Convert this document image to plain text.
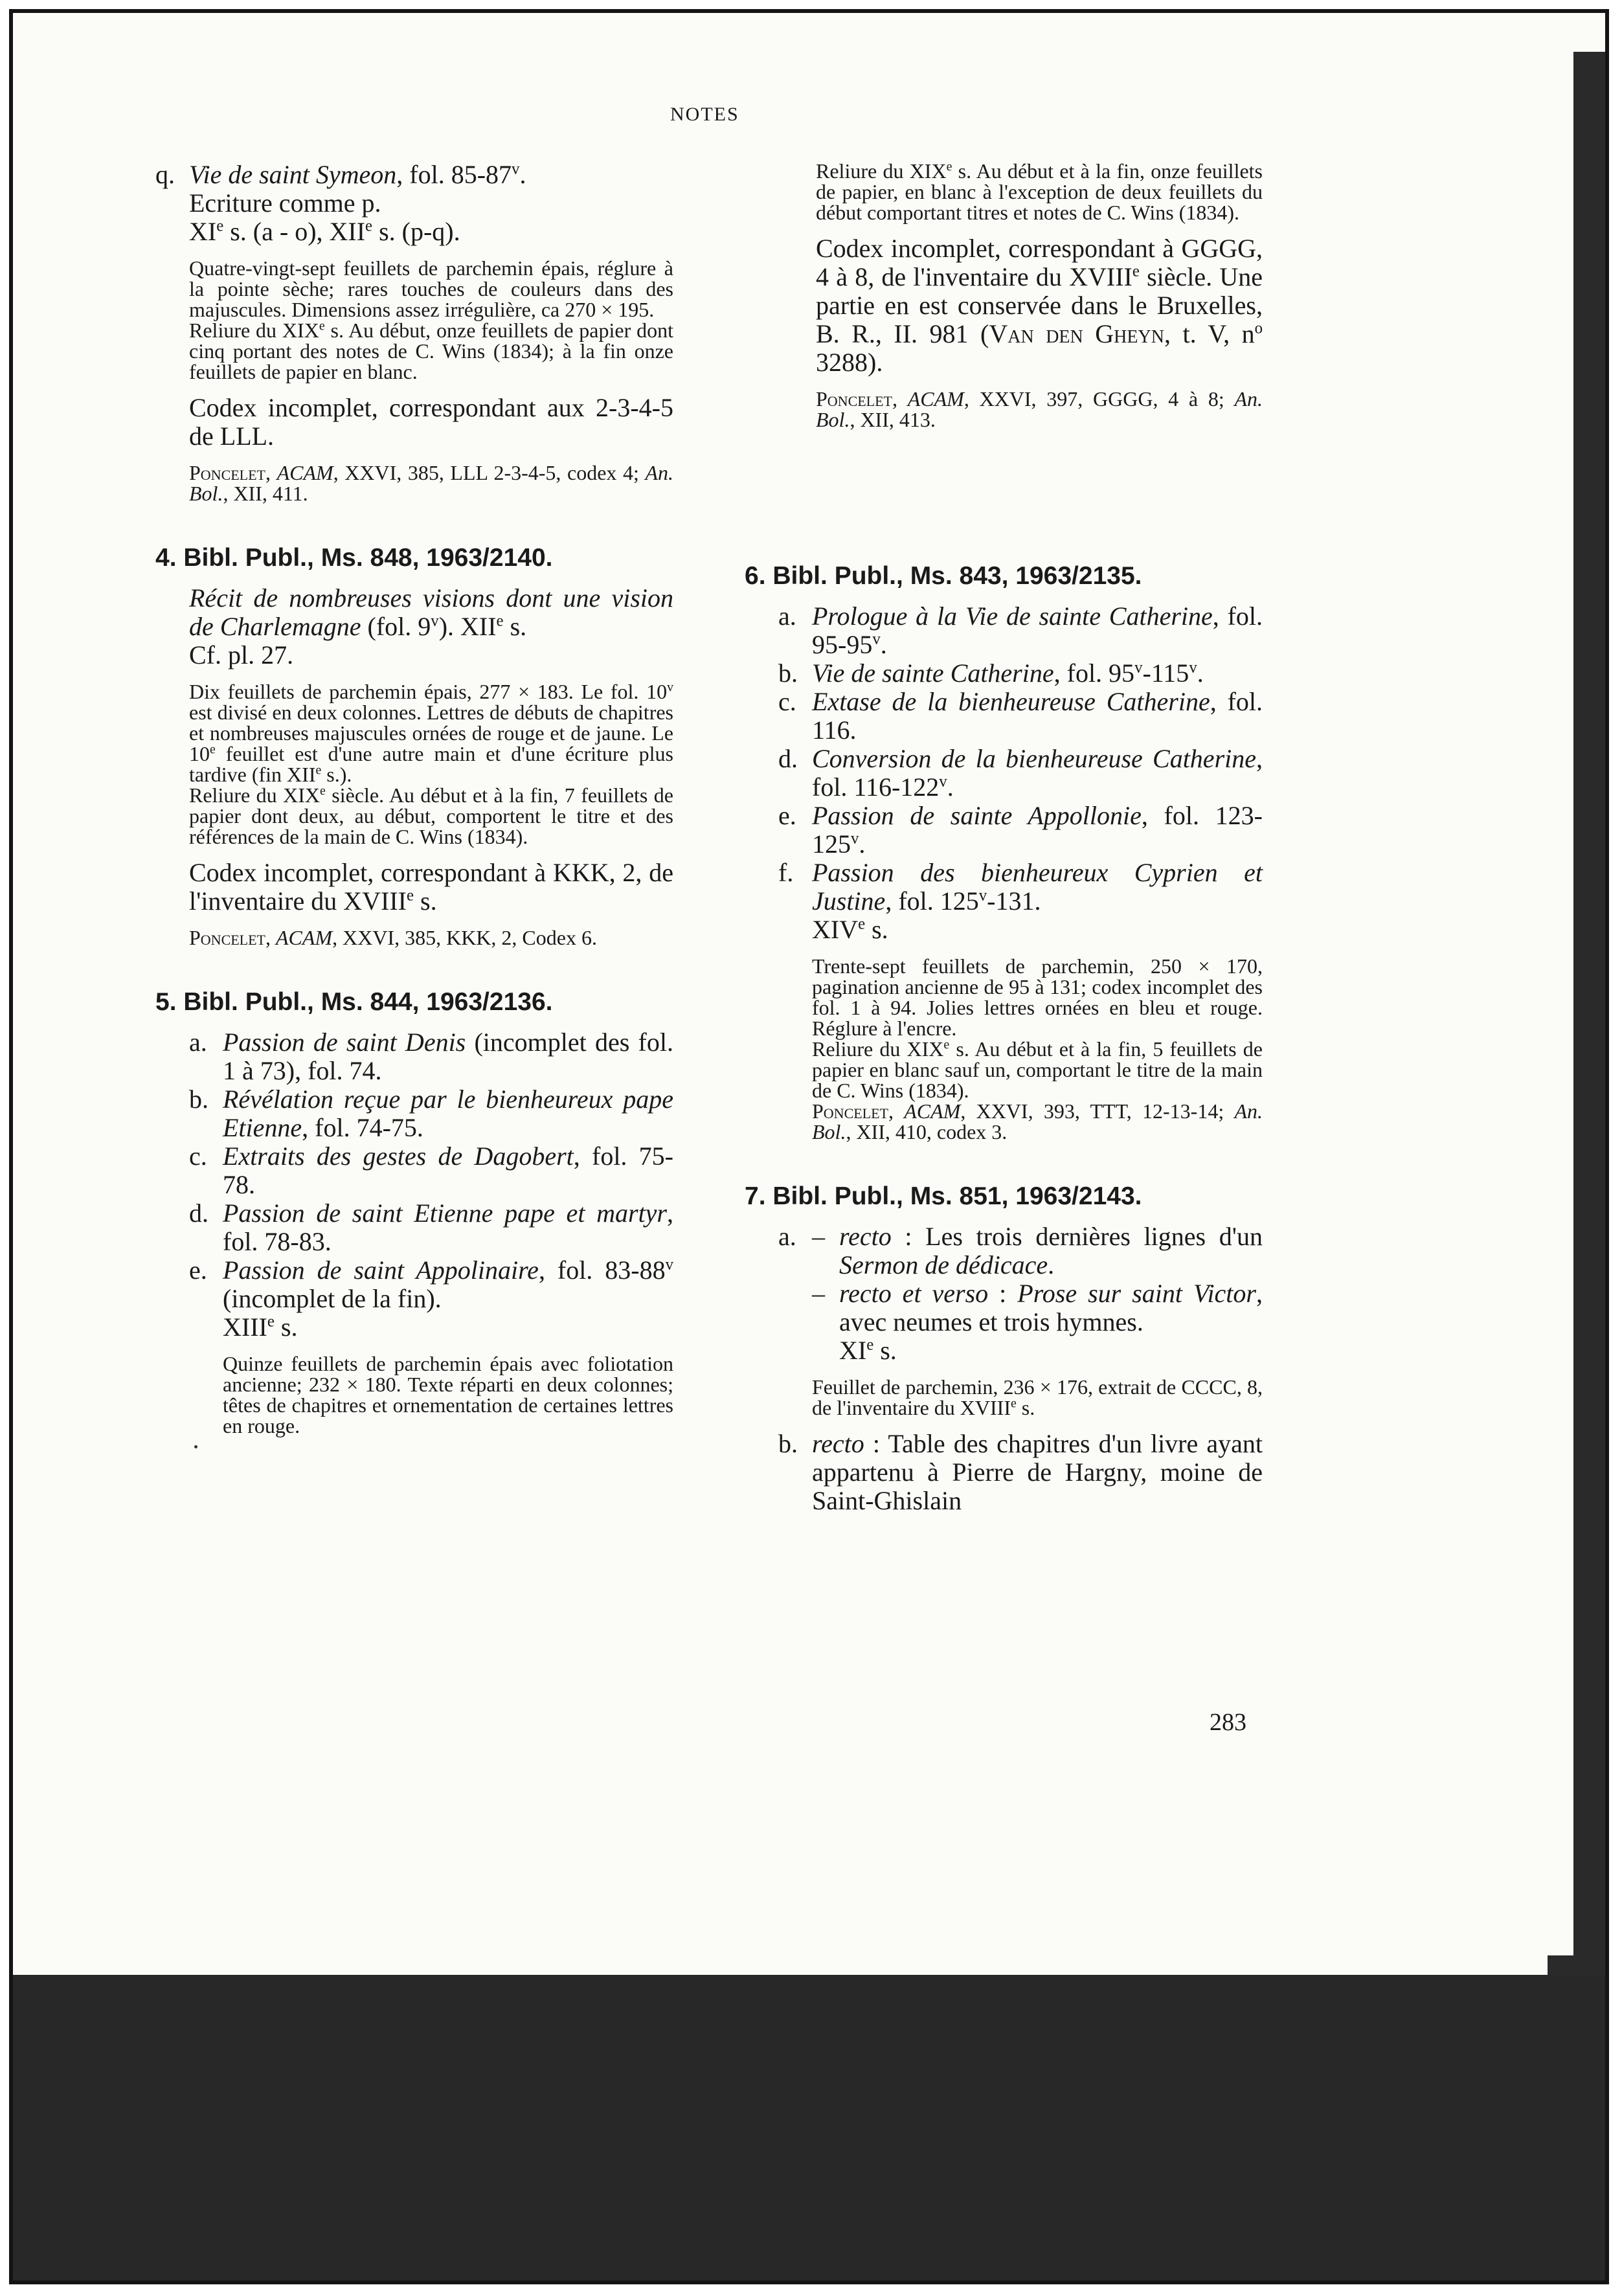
NOTES
q. Vie de saint Symeon, fol. 85-87$^v$.
Ecriture comme p.
XIe s. (a - o), XIIe s. (p-q).
Quatre-vingt-sept feuillets de parchemin épais, réglure à la pointe sèche; rares touches de couleurs dans des majuscules. Dimensions assez irrégulière, ca 270 × 195.
Reliure du XIXe s. Au début, onze feuillets de papier dont cinq portant des notes de C. Wins (1834); à la fin onze feuillets de papier en blanc.
Codex incomplet, correspondant aux 2-3-4-5 de LLL.
Poncelet, ACAM, XXVI, 385, LLL 2-3-4-5, codex 4; An. Bol., XII, 411.
4. Bibl. Publ., Ms. 848, 1963/2140.
Récit de nombreuses visions dont une vision de Charlemagne (fol. 9$^v$). XIIe s.
Cf. pl. 27.
Dix feuillets de parchemin épais, 277 × 183. Le fol. 10$^v$ est divisé en deux colonnes. Lettres de débuts de chapitres et nombreuses majuscules ornées de rouge et de jaune. Le 10e feuillet est d'une autre main et d'une écriture plus tardive (fin XIIe s.).
Reliure du XIXe siècle. Au début et à la fin, 7 feuillets de papier dont deux, au début, comportent le titre et des références de la main de C. Wins (1834).
Codex incomplet, correspondant à KKK, 2, de l'inventaire du XVIIIe s.
Poncelet, ACAM, XXVI, 385, KKK, 2, Codex 6.
5. Bibl. Publ., Ms. 844, 1963/2136.
a. Passion de saint Denis (incomplet des fol. 1 à 73), fol. 74.
b. Révélation reçue par le bienheureux pape Etienne, fol. 74-75.
c. Extraits des gestes de Dagobert, fol. 75-78.
d. Passion de saint Etienne pape et martyr, fol. 78-83.
e. Passion de saint Appolinaire, fol. 83-88$^v$ (incomplet de la fin).
XIIIe s.
Quinze feuillets de parchemin épais avec foliotation ancienne; 232 × 180. Texte réparti en deux colonnes; têtes de chapitres et ornementation de certaines lettres en rouge.
Reliure du XIXe s. Au début et à la fin, onze feuillets de papier, en blanc à l'exception de deux feuillets du début comportant titres et notes de C. Wins (1834).
Codex incomplet, correspondant à GGGG, 4 à 8, de l'inventaire du XVIIIe siècle. Une partie en est conservée dans le Bruxelles, B. R., II. 981 (Van den Gheyn, t. V, $n^o$ 3288).
Poncelet, ACAM, XXVI, 397, GGGG, 4 à 8; An. Bol., XII, 413.
6. Bibl. Publ., Ms. 843, 1963/2135.
a. Prologue à la Vie de sainte Catherine, fol. 95-95$^v$.
b. Vie de sainte Catherine, fol. 95$^v$-115$^v$.
c. Extase de la bienheureuse Catherine, fol. 116.
d. Conversion de la bienheureuse Catherine, fol. 116-122$^v$.
e. Passion de sainte Appollonie, fol. 123-125$^v$.
f. Passion des bienheureux Cyprien et Justine, fol. 125$^v$-131.
XIVe s.
Trente-sept feuillets de parchemin, 250 × 170, pagination ancienne de 95 à 131; codex incomplet des fol. 1 à 94. Jolies lettres ornées en bleu et rouge. Réglure à l'encre.
Reliure du XIXe s. Au début et à la fin, 5 feuillets de papier en blanc sauf un, comportant le titre de la main de C. Wins (1834).
Poncelet, ACAM, XXVI, 393, TTT, 12-13-14; An. Bol., XII, 410, codex 3.
7. Bibl. Publ., Ms. 851, 1963/2143.
a. – recto : Les trois dernières lignes d'un Sermon de dédicace.
– recto et verso : Prose sur saint Victor, avec neumes et trois hymnes.
XIe s.
Feuillet de parchemin, 236 × 176, extrait de CCCC, 8, de l'inventaire du XVIIIe s.
b. recto : Table des chapitres d'un livre ayant appartenu à Pierre de Hargny, moine de Saint-Ghislain
283
